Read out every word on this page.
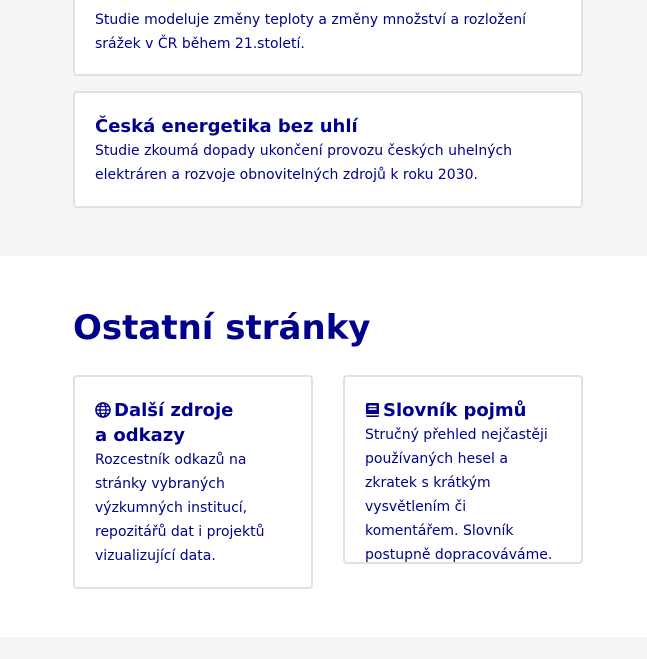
Studie modeluje změny teploty a změny množství a rozložení srážek v ČR během 21.století.
Česká energetika bez uhlí
Studie zkoumá dopady ukončení provozu českých uhelných elektráren a rozvoje obnovitelných zdrojů k roku 2030.
Ostatní stránky
Další zdroje
a odkazy
Rozcestník odkazů na stránky vybraných výzkumných institucí, repozitářů dat i projektů vizualizující data.
Slovník pojmů
Stručný přehled nejčastěji používaných hesel a zkratek s krátkým vysvětlením či komentářem. Slovník postupně dopracováváme.
